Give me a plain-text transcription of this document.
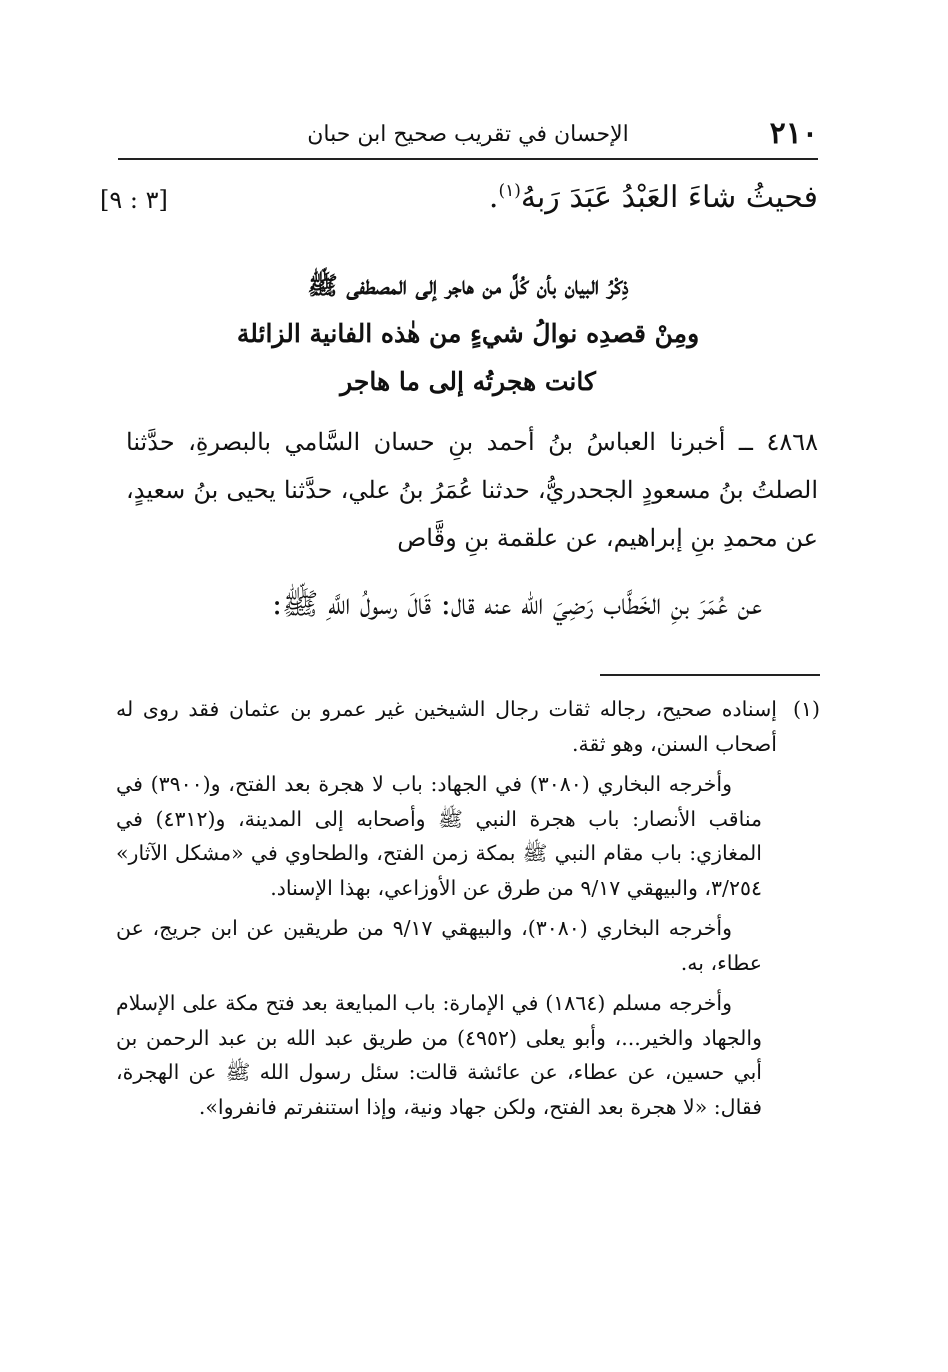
٢١٠
الإحسان في تقريب صحيح ابن حبان
فحيثُ شاءَ العَبْدُ عَبَدَ رَبهُ$^{(١)}$.
[٣ : ٩]
ذِكْرُ البيان بأن كُلَّ من هاجر إلى المصطفى ﷺ
ومِنْ قصدِه نوالُ شيءٍ من هٰذه الفانية الزائلة
كانت هجرتُه إلى ما هاجر
٤٨٦٨ ــ أخبرنا العباسُ بنُ أحمد بنِ حسان السَّامي بالبصرةِ، حدَّثنا الصلتُ بنُ مسعودٍ الجحدريُّ، حدثنا عُمَرُ بنُ علي، حدَّثنا يحيى بنُ سعيدٍ، عن محمدِ بنِ إبراهيم، عن علقمة بنِ وقَّاص
عن عُمَرَ بنِ الخَطَّاب رَضِيَ الله عنه قال: قَالَ رسولُ اللَّهِ ﷺ:
(١)
إسناده صحيح، رجاله ثقات رجال الشيخين غير عمرو بن عثمان فقد روى له أصحاب السنن، وهو ثقة.
وأخرجه البخاري (٣٠٨٠) في الجهاد: باب لا هجرة بعد الفتح، و(٣٩٠٠) في مناقب الأنصار: باب هجرة النبي ﷺ وأصحابه إلى المدينة، و(٤٣١٢) في المغازي: باب مقام النبي ﷺ بمكة زمن الفتح، والطحاوي في «مشكل الآثار» ٣/٢٥٤، والبيهقي ٩/١٧ من طرق عن الأوزاعي، بهذا الإسناد.
وأخرجه البخاري (٣٠٨٠)، والبيهقي ٩/١٧ من طريقين عن ابن جريج، عن عطاء، به.
وأخرجه مسلم (١٨٦٤) في الإمارة: باب المبايعة بعد فتح مكة على الإسلام والجهاد والخير...، وأبو يعلى (٤٩٥٢) من طريق عبد الله بن عبد الرحمن بن أبي حسين، عن عطاء، عن عائشة قالت: سئل رسول الله ﷺ عن الهجرة، فقال: «لا هجرة بعد الفتح، ولكن جهاد ونية، وإذا استنفرتم فانفروا».
